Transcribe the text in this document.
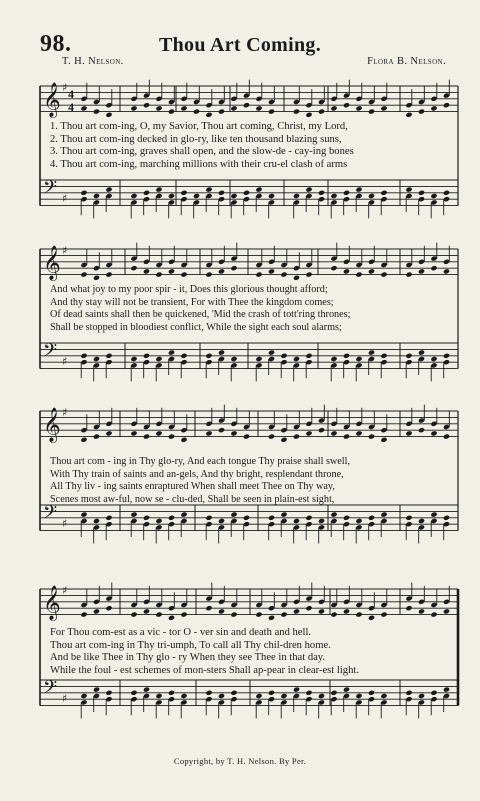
98.	Thou Art Coming.
T. H. Nelson.	Flora B. Nelson.
𝄞
𝄢
♯
♯
4
4
𝄞
𝄢
♯
♯
𝄞
𝄢
♯
♯
𝄞
𝄢
♯
♯
1. Thou art com-ing, O, my Savior, Thou art coming, Christ, my Lord,
2. Thou art com-ing decked in glo-ry, like ten thousand blazing suns,
3. Thou art com-ing, graves shall open, and the slow-de - cay-ing bones
4. Thou art com-ing, marching millions with their cru-el clash of arms
And what joy to my poor spir - it, Does this glorious thought afford;
And thy stay will not be transient, For with Thee the kingdom comes;
Of dead saints shall then be quickened, 'Mid the crash of tott'ring thrones;
Shall be stopped in bloodiest conflict, While the sight each soul alarms;
Thou art com - ing in Thy glo-ry, And each tongue Thy praise shall swell,
With Thy train of saints and an-gels, And thy bright, resplendant throne,
All Thy liv - ing saints enraptured When shall meet Thee on Thy way,
Scenes most aw-ful, now se - clu-ded, Shall be seen in plain-est sight,
For Thou com-est as a vic - tor O - ver sin and death and hell.
Thou art com-ing in Thy tri-umph, To call all Thy chil-dren home.
And be like Thee in Thy glo - ry When they see Thee in that day.
While the foul - est schemes of mon-sters Shall ap-pear in clear-est light.
Copyright, by T. H. Nelson. By Per.
